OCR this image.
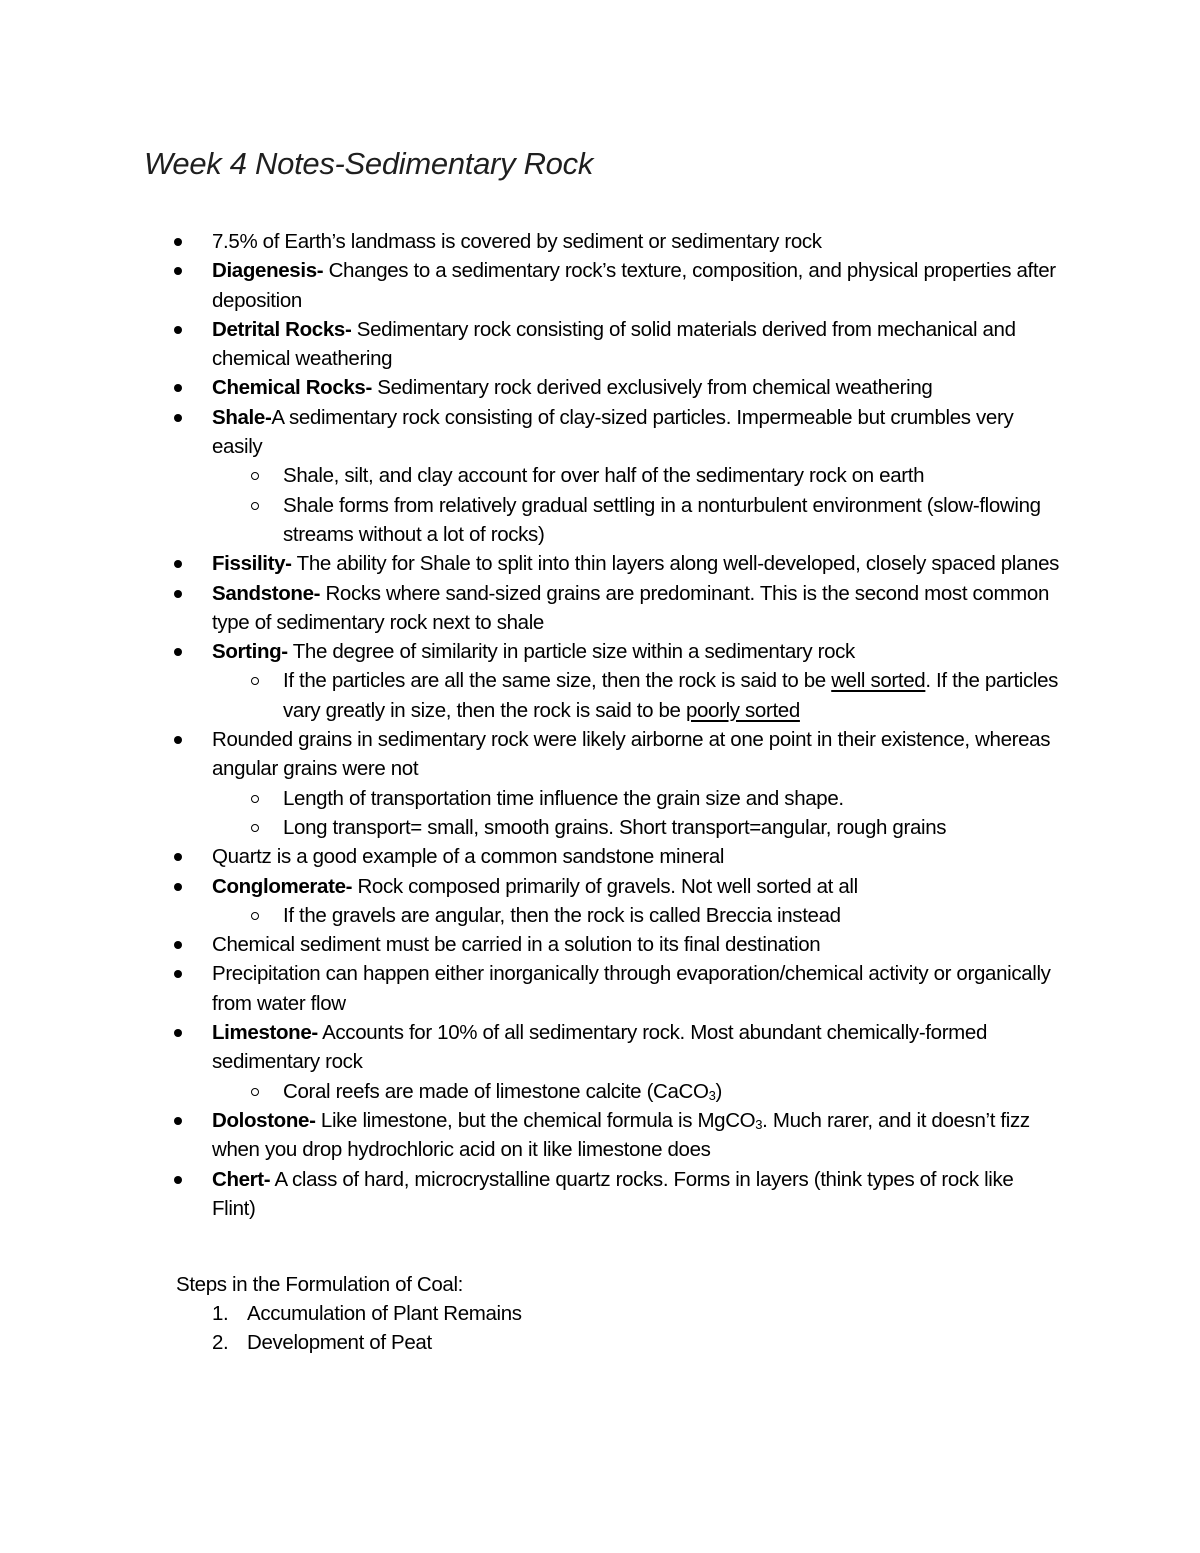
Week 4 Notes-Sedimentary Rock
7.5% of Earth’s landmass is covered by sediment or sedimentary rock
Diagenesis- Changes to a sedimentary rock’s texture, composition, and physical properties after deposition
Detrital Rocks- Sedimentary rock consisting of solid materials derived from mechanical and chemical weathering
Chemical Rocks- Sedimentary rock derived exclusively from chemical weathering
Shale-A sedimentary rock consisting of clay-sized particles. Impermeable but crumbles very easily
Shale, silt, and clay account for over half of the sedimentary rock on earth
Shale forms from relatively gradual settling in a nonturbulent environment (slow-flowing streams without a lot of rocks)
Fissility- The ability for Shale to split into thin layers along well-developed, closely spaced planes
Sandstone- Rocks where sand-sized grains are predominant. This is the second most common type of sedimentary rock next to shale
Sorting- The degree of similarity in particle size within a sedimentary rock
If the particles are all the same size, then the rock is said to be well sorted. If the particles vary greatly in size, then the rock is said to be poorly sorted
Rounded grains in sedimentary rock were likely airborne at one point in their existence, whereas angular grains were not
Length of transportation time influence the grain size and shape.
Long transport= small, smooth grains. Short transport=angular, rough grains
Quartz is a good example of a common sandstone mineral
Conglomerate- Rock composed primarily of gravels. Not well sorted at all
If the gravels are angular, then the rock is called Breccia instead
Chemical sediment must be carried in a solution to its final destination
Precipitation can happen either inorganically through evaporation/chemical activity or organically from water flow
Limestone- Accounts for 10% of all sedimentary rock. Most abundant chemically-formed sedimentary rock
Coral reefs are made of limestone calcite (CaCO$_3$)
Dolostone- Like limestone, but the chemical formula is MgCO$_3$. Much rarer, and it doesn’t fizz when you drop hydrochloric acid on it like limestone does
Chert- A class of hard, microcrystalline quartz rocks. Forms in layers (think types of rock like Flint)
Steps in the Formulation of Coal:
1. Accumulation of Plant Remains
2. Development of Peat
